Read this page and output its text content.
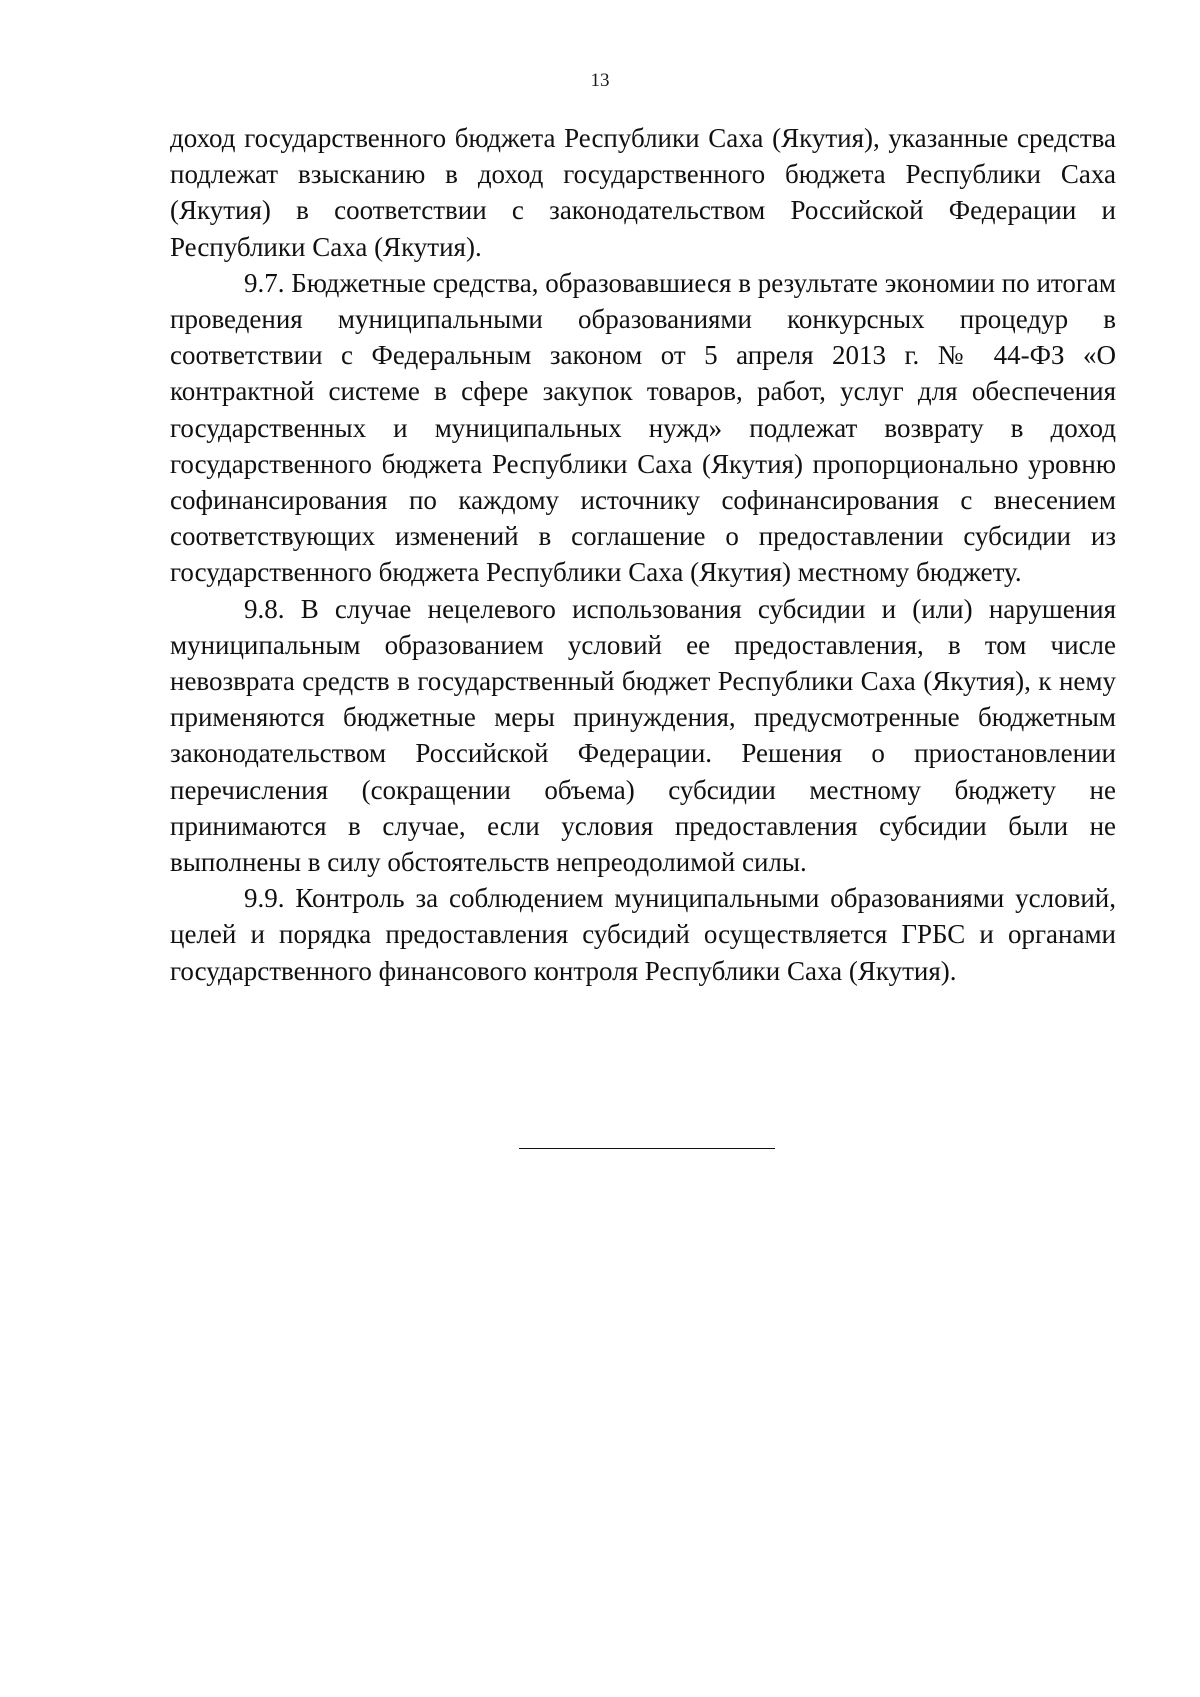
13

доход государственного бюджета Республики Саха (Якутия), указанные средства подлежат взысканию в доход государственного бюджета Республики Саха (Якутия) в соответствии с законодательством Российской Федерации и Республики Саха (Якутия).

9.7. Бюджетные средства, образовавшиеся в результате экономии по итогам проведения муниципальными образованиями конкурсных процедур в соответствии с Федеральным законом от 5 апреля 2013 г. № 44-ФЗ «О контрактной системе в сфере закупок товаров, работ, услуг для обеспечения государственных и муниципальных нужд» подлежат возврату в доход государственного бюджета Республики Саха (Якутия) пропорционально уровню софинансирования по каждому источнику софинансирования с внесением соответствующих изменений в соглашение о предоставлении субсидии из государственного бюджета Республики Саха (Якутия) местному бюджету.

9.8. В случае нецелевого использования субсидии и (или) нарушения муниципальным образованием условий ее предоставления, в том числе невозврата средств в государственный бюджет Республики Саха (Якутия), к нему применяются бюджетные меры принуждения, предусмотренные бюджетным законодательством Российской Федерации. Решения о приостановлении перечисления (сокращении объема) субсидии местному бюджету не принимаются в случае, если условия предоставления субсидии были не выполнены в силу обстоятельств непреодолимой силы.

9.9. Контроль за соблюдением муниципальными образованиями условий, целей и порядка предоставления субсидий осуществляется ГРБС и органами государственного финансового контроля Республики Саха (Якутия).
